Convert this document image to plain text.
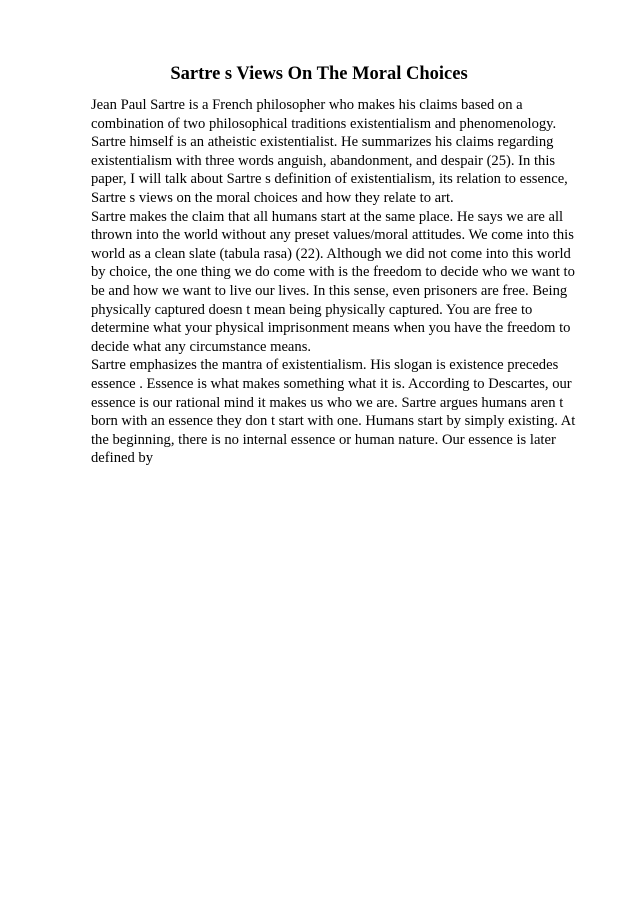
Sartre s Views On The Moral Choices
Jean Paul Sartre is a French philosopher who makes his claims based on a
combination of two philosophical traditions existentialism and phenomenology.
Sartre himself is an atheistic existentialist. He summarizes his claims regarding
existentialism with three words anguish, abandonment, and despair (25). In this
paper, I will talk about Sartre s definition of existentialism, its relation to essence,
Sartre s views on the moral choices and how they relate to art.
Sartre makes the claim that all humans start at the same place. He says we are all
thrown into the world without any preset values/moral attitudes. We come into this
world as a clean slate (tabula rasa) (22). Although we did not come into this world
by choice, the one thing we do come with is the freedom to decide who we want to
be and how we want to live our lives. In this sense, even prisoners are free. Being
physically captured doesn t mean being physically captured. You are free to
determine what your physical imprisonment means when you have the freedom to
decide what any circumstance means.
Sartre emphasizes the mantra of existentialism. His slogan is existence precedes
essence . Essence is what makes something what it is. According to Descartes, our
essence is our rational mind it makes us who we are. Sartre argues humans aren t
born with an essence they don t start with one. Humans start by simply existing. At
the beginning, there is no internal essence or human nature. Our essence is later
defined by
